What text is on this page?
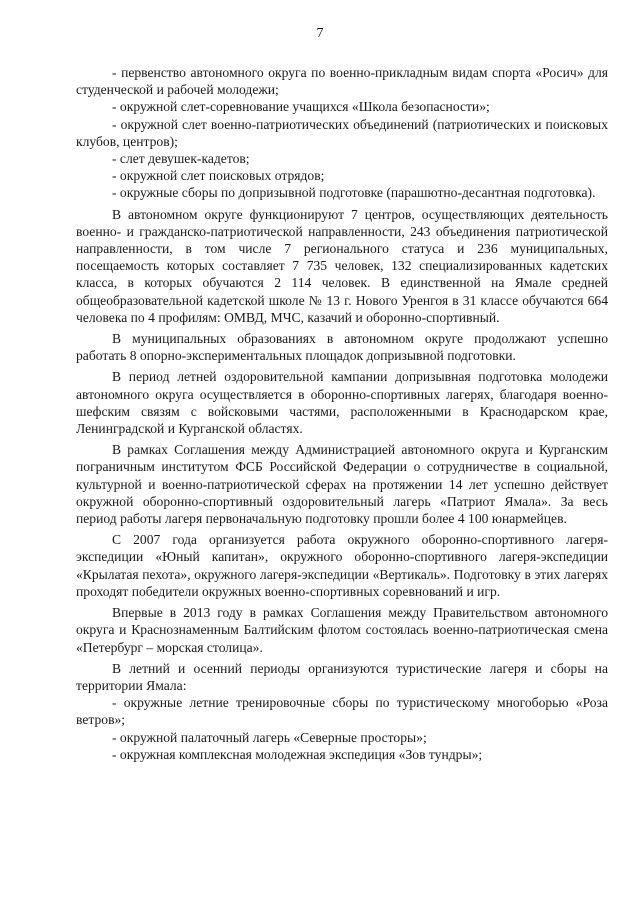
7

- первенство автономного округа по военно-прикладным видам спорта «Росич» для студенческой и рабочей молодежи;

- окружной слет-соревнование учащихся «Школа безопасности»;

- окружной слет военно-патриотических объединений (патриотических и поисковых клубов, центров);

- слет девушек-кадетов;

- окружной слет поисковых отрядов;

- окружные сборы по допризывной подготовке (парашютно-десантная подготовка).

В автономном округе функционируют 7 центров, осуществляющих деятельность военно- и гражданско-патриотической направленности, 243 объединения патриотической направленности, в том числе 7 регионального статуса и 236 муниципальных, посещаемость которых составляет 7 735 человек, 132 специализированных кадетских класса, в которых обучаются 2 114 человек. В единственной на Ямале средней общеобразовательной кадетской школе № 13 г. Нового Уренгоя в 31 классе обучаются 664 человека по 4 профилям: ОМВД, МЧС, казачий и оборонно-спортивный.

В муниципальных образованиях в автономном округе продолжают успешно работать 8 опорно-экспериментальных площадок допризывной подготовки.

В период летней оздоровительной кампании допризывная подготовка молодежи автономного округа осуществляется в оборонно-спортивных лагерях, благодаря военно-шефским связям с войсковыми частями, расположенными в Краснодарском крае, Ленинградской и Курганской областях.

В рамках Соглашения между Администрацией автономного округа и Курганским пограничным институтом ФСБ Российской Федерации о сотрудничестве в социальной, культурной и военно-патриотической сферах на протяжении 14 лет успешно действует окружной оборонно-спортивный оздоровительный лагерь «Патриот Ямала». За весь период работы лагеря первоначальную подготовку прошли более 4 100 юнармейцев.

С 2007 года организуется работа окружного оборонно-спортивного лагеря-экспедиции «Юный капитан», окружного оборонно-спортивного лагеря-экспедиции «Крылатая пехота», окружного лагеря-экспедиции «Вертикаль». Подготовку в этих лагерях проходят победители окружных военно-спортивных соревнований и игр.

Впервые в 2013 году в рамках Соглашения между Правительством автономного округа и Краснознаменным Балтийским флотом состоялась военно-патриотическая смена «Петербург – морская столица».

В летний и осенний периоды организуются туристические лагеря и сборы на территории Ямала:

- окружные летние тренировочные сборы по туристическому многоборью «Роза ветров»;

- окружной палаточный лагерь «Северные просторы»;

- окружная комплексная молодежная экспедиция «Зов тундры»;
